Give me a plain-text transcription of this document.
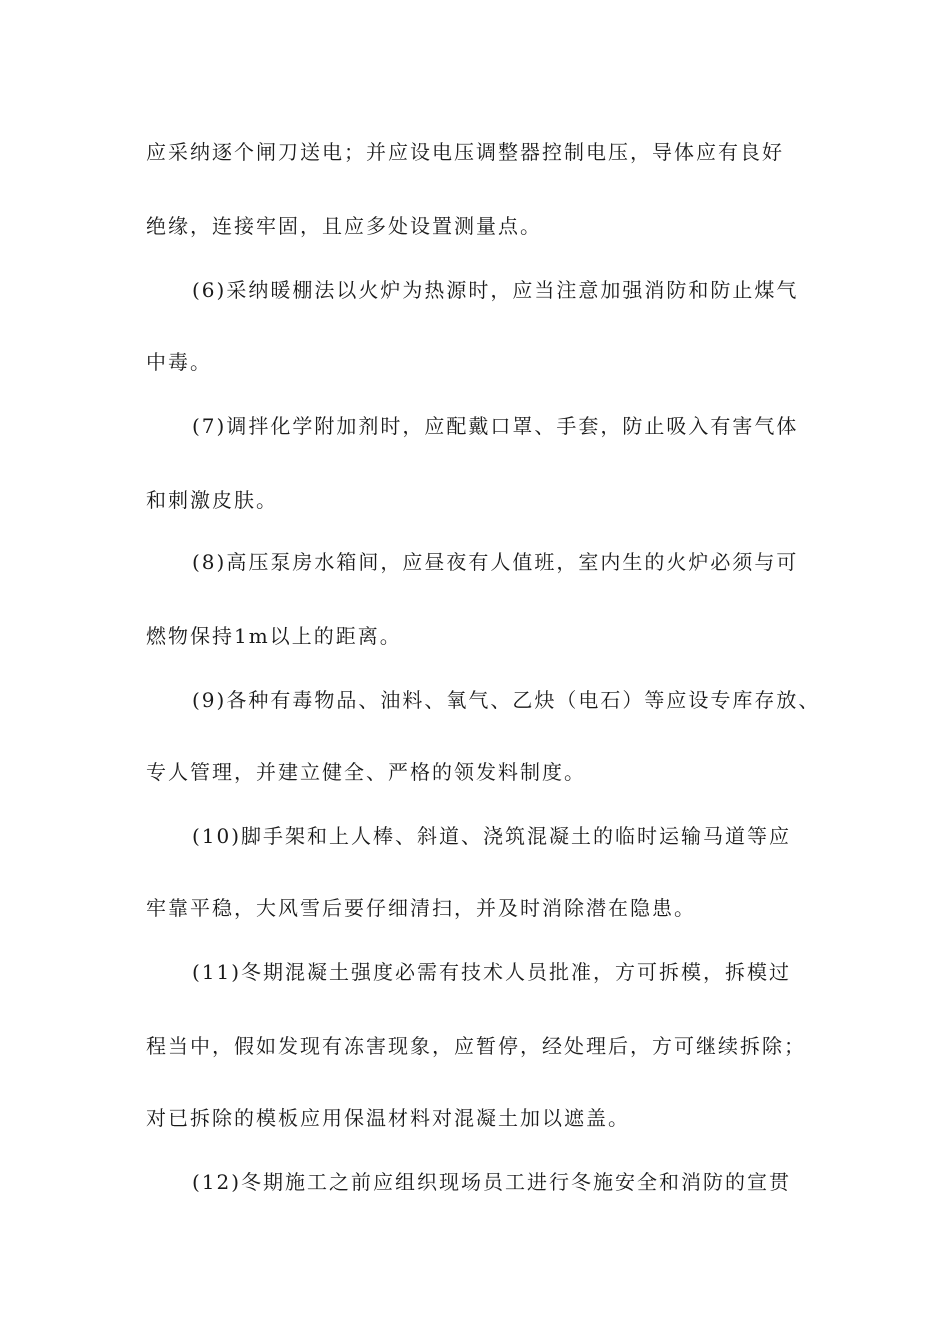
应采纳逐个闸刀送电；并应设电压调整器控制电压，导体应有良好
绝缘，连接牢固，且应多处设置测量点。
(6)采纳暖棚法以火炉为热源时，应当注意加强消防和防止煤气
中毒。
(7)调拌化学附加剂时，应配戴口罩、手套，防止吸入有害气体
和刺激皮肤。
(8)高压泵房水箱间，应昼夜有人值班，室内生的火炉必须与可
燃物保持1m以上的距离。
(9)各种有毒物品、油料、氧气、乙炔（电石）等应设专库存放、
专人管理，并建立健全、严格的领发料制度。
(10)脚手架和上人棒、斜道、浇筑混凝土的临时运输马道等应
牢靠平稳，大风雪后要仔细清扫，并及时消除潜在隐患。
(11)冬期混凝土强度必需有技术人员批准，方可拆模，拆模过
程当中，假如发现有冻害现象，应暂停，经处理后，方可继续拆除；
对已拆除的模板应用保温材料对混凝土加以遮盖。
(12)冬期施工之前应组织现场员工进行冬施安全和消防的宣贯
